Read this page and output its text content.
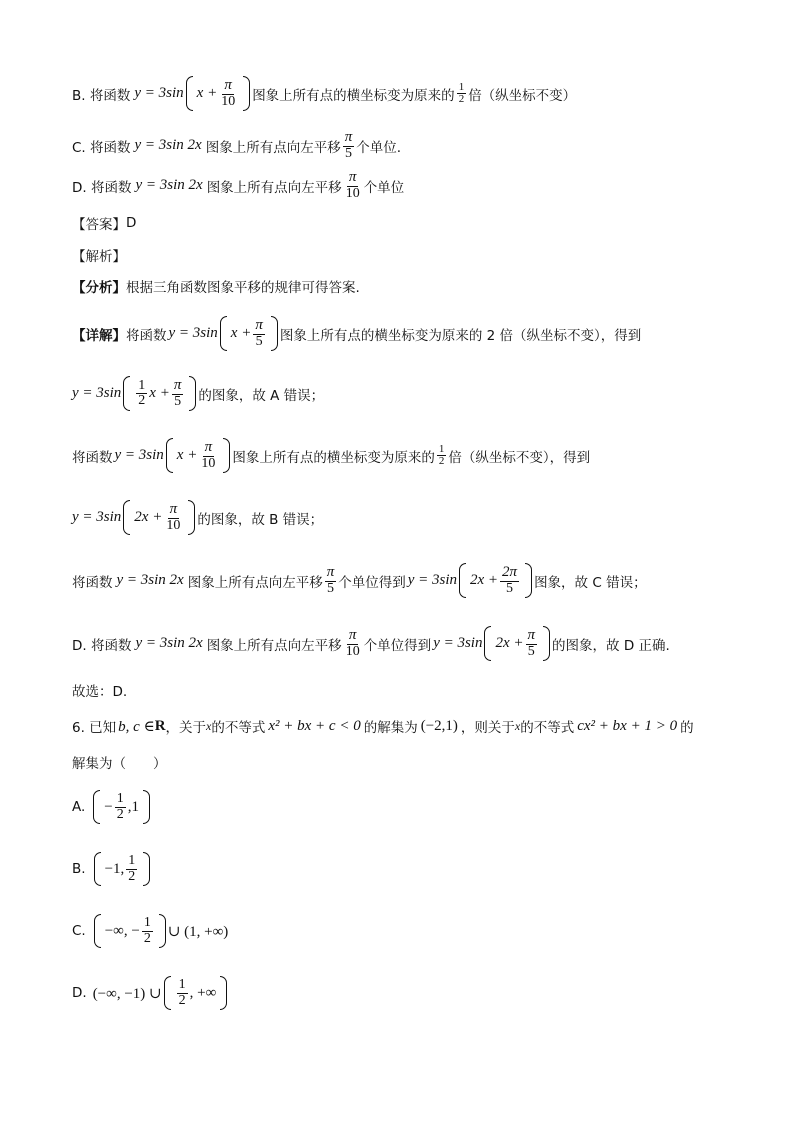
B. 将函数 y = 3sin $x + \frac{\pi}{10}$ 图象上所有点的横坐标变为原来的 $\frac{1}{2}$ 倍（纵坐标不变）
C. 将函数 y = 3sin 2x 图象上所有点向左平移 $\frac{\pi}{5}$ 个单位.
D. 将函数 y = 3sin 2x 图象上所有点向左平移 $\frac{\pi}{10}$ 个单位
【答案】 D
【解析】
【分析】 根据三角函数图象平移的规律可得答案.
【详解】 将函数 y = 3sin $x + \frac{\pi}{5}$ 图象上所有点的横坐标变为原来的 2 倍（纵坐标不变），得到
$y = 3\sin \frac{1}{2}$ $x + \frac{\pi}{5}$ 的图象，故 A 错误；
将函数 y = 3sin $x + \frac{\pi}{10}$ 图象上所有点的横坐标变为原来的 $\frac{1}{2}$ 倍（纵坐标不变），得到
y = 3sin $2x + \frac{\pi}{10}$ 的图象，故 B 错误；
将函数 y = 3sin 2x 图象上所有点向左平移 $\frac{\pi}{5}$ 个单位得到 y = 3sin $2x + \frac{2\pi}{5}$ 图象，故 C 错误；
D. 将函数 y = 3sin 2x 图象上所有点向左平移 $\frac{\pi}{10}$ 个单位得到 y = 3sin $2x + \frac{\pi}{5}$ 的图象，故 D 正确.
故选：D.
6. 已知 b, c ∈ R ，关于 x 的不等式 x² + bx + c < 0 的解集为 (−2,1) ，则关于 x 的不等式 cx² + bx + 1 > 0 的
解集为（　　）
A. − $\frac{1}{2} ,1$
B. −1, $\frac{1}{2}$
C. −∞, − $\frac{1}{2}$ ∪ (1, +∞)
D. (−∞, −1) ∪ $\frac{1}{2}$ , +∞
